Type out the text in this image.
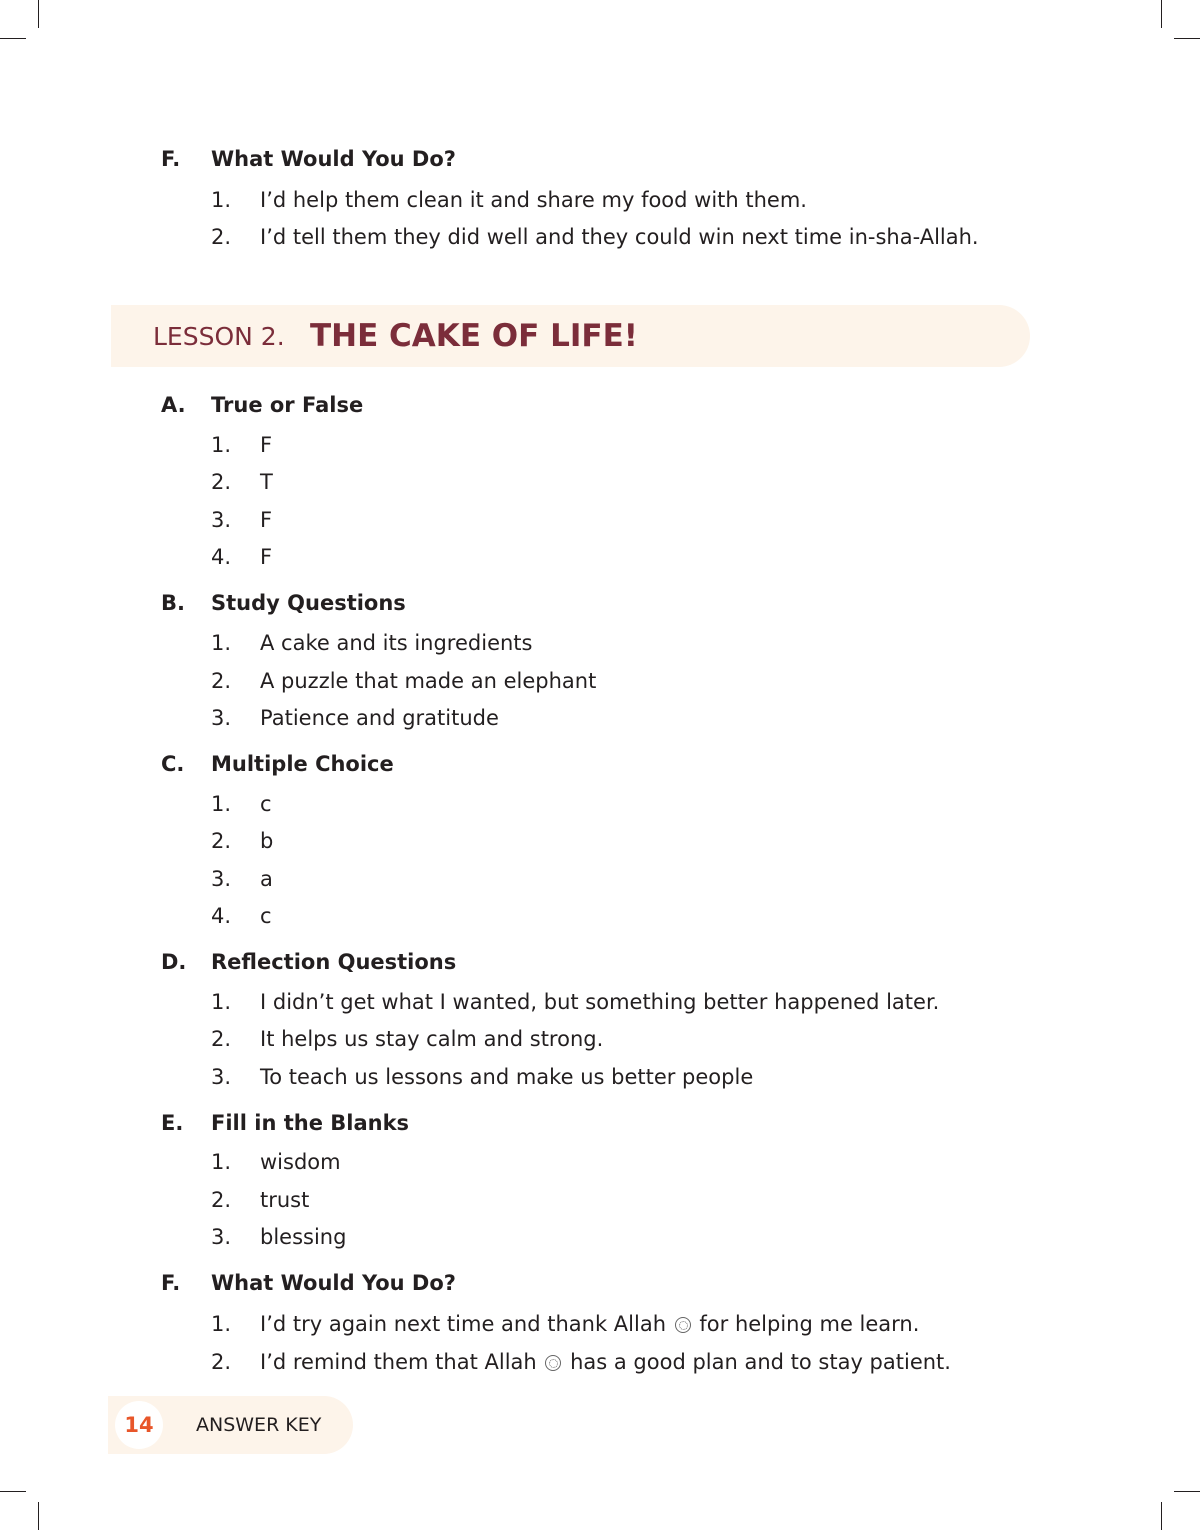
F. What Would You Do?
1. I’d help them clean it and share my food with them.
2. I’d tell them they did well and they could win next time in-sha-Allah.
LESSON 2. THE CAKE OF LIFE!
A. True or False
1. F
2. T
3. F
4. F
B. Study Questions
1. A cake and its ingredients
2. A puzzle that made an elephant
3. Patience and gratitude
C. Multiple Choice
1. c
2. b
3. a
4. c
D. Reflection Questions
1. I didn’t get what I wanted, but something better happened later.
2. It helps us stay calm and strong.
3. To teach us lessons and make us better people
E. Fill in the Blanks
1. wisdom
2. trust
3. blessing
F. What Would You Do?
1. I’d try again next time and thank Allah for helping me learn.
2. I’d remind them that Allah has a good plan and to stay patient.
14	ANSWER KEY
